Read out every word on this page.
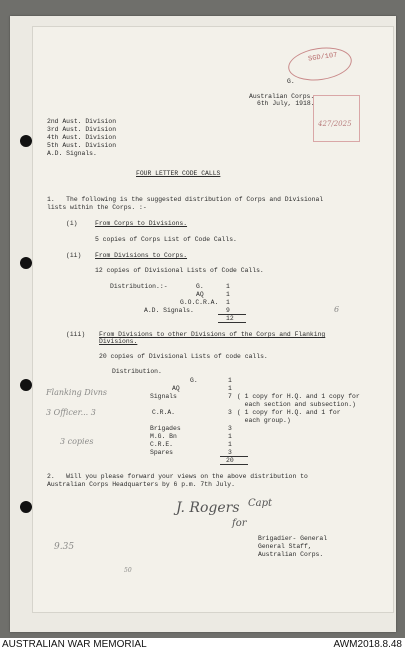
SGD/107
427/2025
G.
Australian Corps.
6th July, 1918.
2nd Aust. Division
3rd Aust. Division
4th Aust. Division
5th Aust. Division
A.D. Signals.
FOUR LETTER CODE CALLS
1.   The following is the suggested distribution of Corps and Divisional
lists within the Corps. :-
(i)	From Corps to Divisions.
5 copies of Corps List of Code Calls.
(ii) From Divisions to Corps.
12 copies of Divisional Lists of Code Calls.
Distribution.:-	G.	1
AQ	1
G.O.C.R.A. 1
A.D. Signals.	9
12
6
(iii) From Divisions to other Divisions of the Corps and Flanking
Divisions.
20 copies of Divisional Lists of code calls.
Distribution.
G.	1
AQ	1
Signals	7 ( 1 copy for H.Q. and 1 copy for
each section and subsection.)
C.R.A.	3 ( 1 copy for H.Q. and 1 for
each group.)
Brigades	3
M.G. Bn	1
C.R.E.	1
Spares	3
20
Flanking Divns
3 Officer... 3
3 copies
2.   Will you please forward your views on the above distribution to
Australian Corps Headquarters by 6 p.m. 7th July.
J. Rogers Capt
for
Brigadier- General
General Staff,
Australian Corps.
9.35
50
AUSTRALIAN WAR MEMORIAL	AWM2018.8.48
